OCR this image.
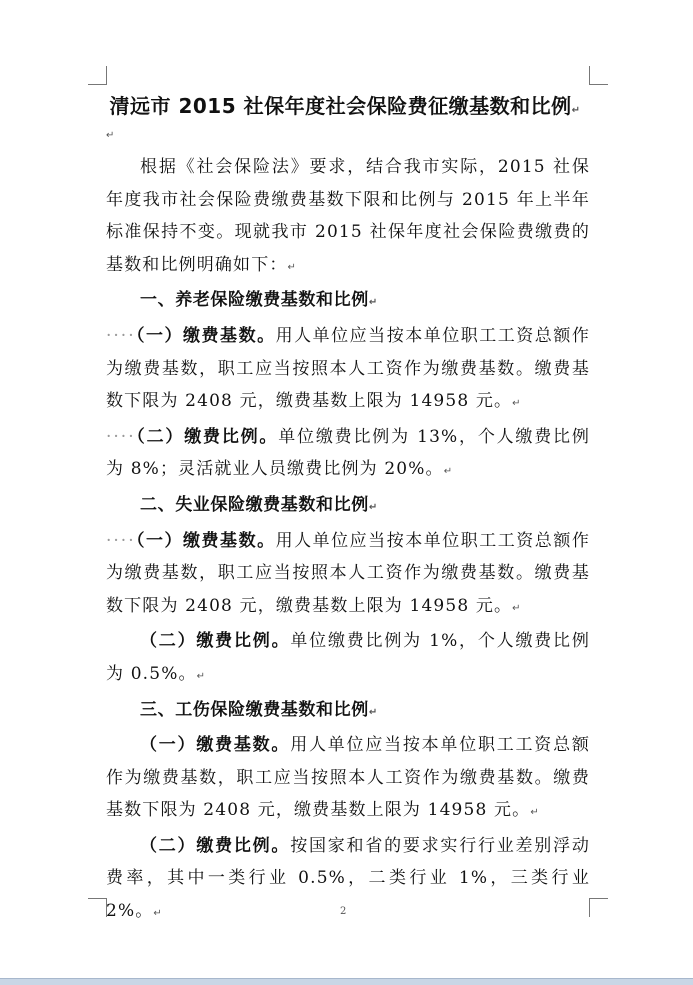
清远市 2015 社保年度社会保险费征缴基数和比例↵
↵

根据《社会保险法》要求，结合我市实际，2015 社保年度我市社会保险费缴费基数下限和比例与 2015 年上半年标准保持不变。现就我市 2015 社保年度社会保险费缴费的基数和比例明确如下：↵

一、养老保险缴费基数和比例↵

····（一）缴费基数。用人单位应当按本单位职工工资总额作为缴费基数，职工应当按照本人工资作为缴费基数。缴费基数下限为 2408 元，缴费基数上限为 14958 元。↵

····（二）缴费比例。单位缴费比例为 13%，个人缴费比例为 8%；灵活就业人员缴费比例为 20%。↵

二、失业保险缴费基数和比例↵

····（一）缴费基数。用人单位应当按本单位职工工资总额作为缴费基数，职工应当按照本人工资作为缴费基数。缴费基数下限为 2408 元，缴费基数上限为 14958 元。↵

（二）缴费比例。单位缴费比例为 1%，个人缴费比例为 0.5%。↵

三、工伤保险缴费基数和比例↵

（一）缴费基数。用人单位应当按本单位职工工资总额作为缴费基数，职工应当按照本人工资作为缴费基数。缴费基数下限为 2408 元，缴费基数上限为 14958 元。↵

（二）缴费比例。按国家和省的要求实行行业差别浮动费率，其中一类行业 0.5%，二类行业 1%，三类行业 2%。↵	2
